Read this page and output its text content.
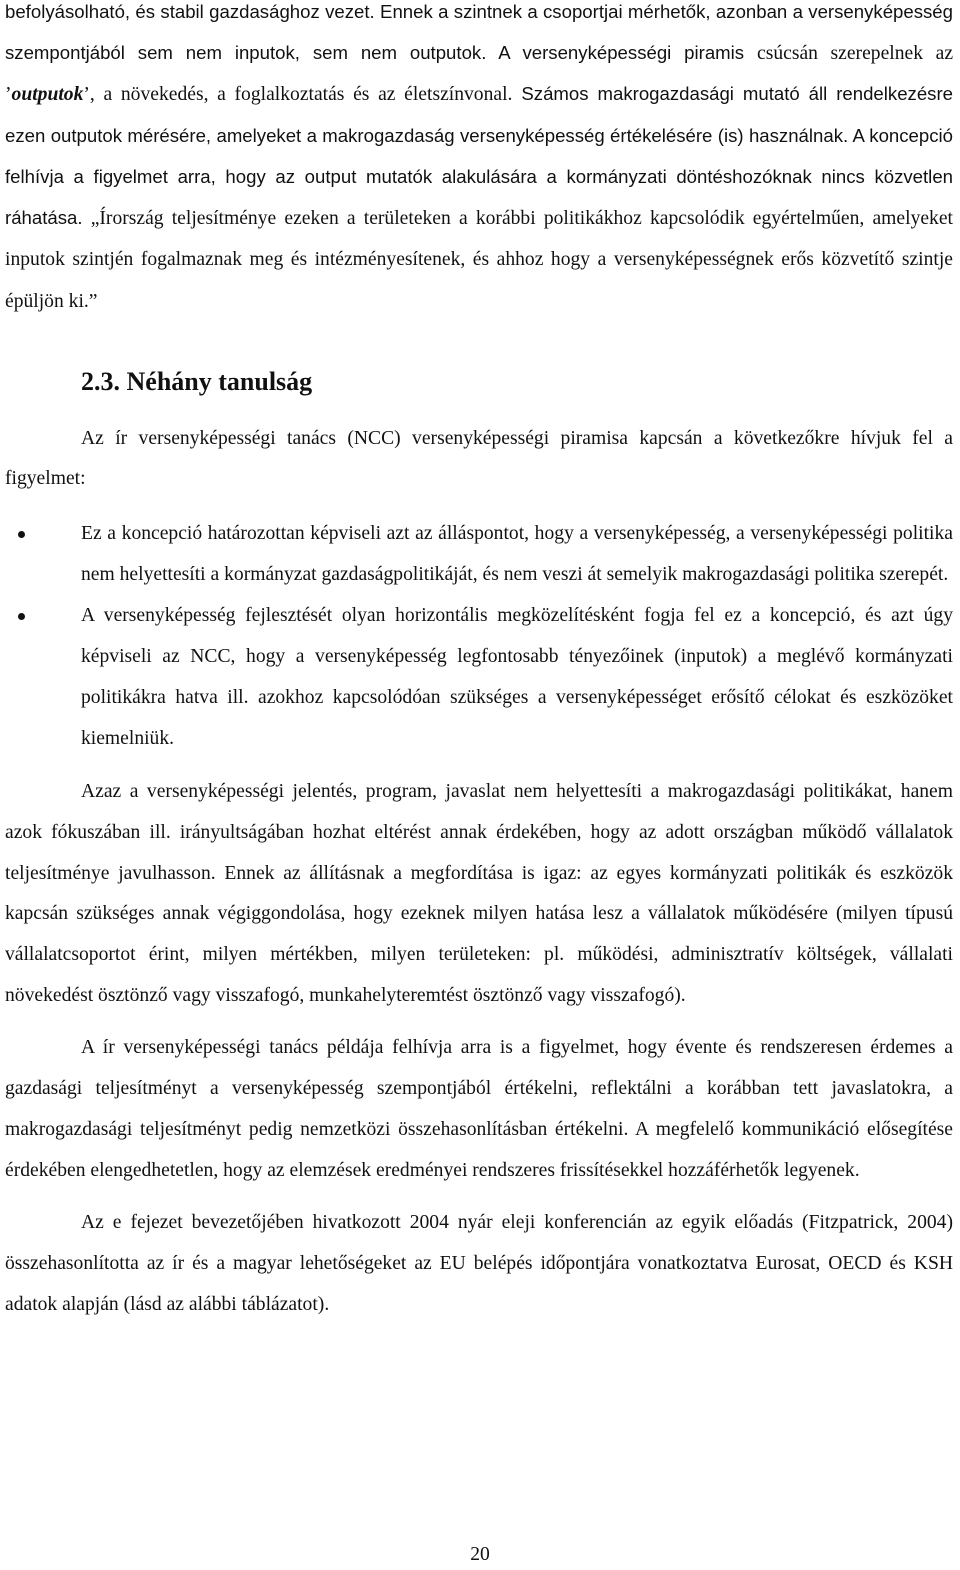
befolyásolható, és stabil gazdasághoz vezet. Ennek a szintnek a csoportjai mérhetők, azonban a versenyképesség szempontjából sem nem inputok, sem nem outputok. A versenyképességi piramis csúcsán szerepelnek az ’outputok’, a növekedés, a foglalkoztatás és az életszínvonal. Számos makrogazdasági mutató áll rendelkezésre ezen outputok mérésére, amelyeket a makrogazdaság versenyképesség értékelésére (is) használnak. A koncepció felhívja a figyelmet arra, hogy az output mutatók alakulására a kormányzati döntéshozóknak nincs közvetlen ráhatása. „Írország teljesítménye ezeken a területeken a korábbi politikákhoz kapcsolódik egyértelműen, amelyeket inputok szintjén fogalmaznak meg és intézményesítenek, és ahhoz hogy a versenyképességnek erős közvetítő szintje épüljön ki.”

2.3. Néhány tanulság

Az ír versenyképességi tanács (NCC) versenyképességi piramisa kapcsán a következőkre hívjuk fel a figyelmet:

Ez a koncepció határozottan képviseli azt az álláspontot, hogy a versenyképesség, a versenyképességi politika nem helyettesíti a kormányzat gazdaságpolitikáját, és nem veszi át semelyik makrogazdasági politika szerepét.

A versenyképesség fejlesztését olyan horizontális megközelítésként fogja fel ez a koncepció, és azt úgy képviseli az NCC, hogy a versenyképesség legfontosabb tényezőinek (inputok) a meglévő kormányzati politikákra hatva ill. azokhoz kapcsolódóan szükséges a versenyképességet erősítő célokat és eszközöket kiemelniük.

Azaz a versenyképességi jelentés, program, javaslat nem helyettesíti a makrogazdasági politikákat, hanem azok fókuszában ill. irányultságában hozhat eltérést annak érdekében, hogy az adott országban működő vállalatok teljesítménye javulhasson. Ennek az állításnak a megfordítása is igaz: az egyes kormányzati politikák és eszközök kapcsán szükséges annak végiggondolása, hogy ezeknek milyen hatása lesz a vállalatok működésére (milyen típusú vállalatcsoportot érint, milyen mértékben, milyen területeken: pl. működési, adminisztratív költségek, vállalati növekedést ösztönző vagy visszafogó, munkahelyteremtést ösztönző vagy visszafogó).

A ír versenyképességi tanács példája felhívja arra is a figyelmet, hogy évente és rendszeresen érdemes a gazdasági teljesítményt a versenyképesség szempontjából értékelni, reflektálni a korábban tett javaslatokra, a makrogazdasági teljesítményt pedig nemzetközi összehasonlításban értékelni. A megfelelő kommunikáció elősegítése érdekében elengedhetetlen, hogy az elemzések eredményei rendszeres frissítésekkel hozzáférhetők legyenek.

Az e fejezet bevezetőjében hivatkozott 2004 nyár eleji konferencián az egyik előadás (Fitzpatrick, 2004) összehasonlította az ír és a magyar lehetőségeket az EU belépés időpontjára vonatkoztatva Eurosat, OECD és KSH adatok alapján (lásd az alábbi táblázatot).

20
